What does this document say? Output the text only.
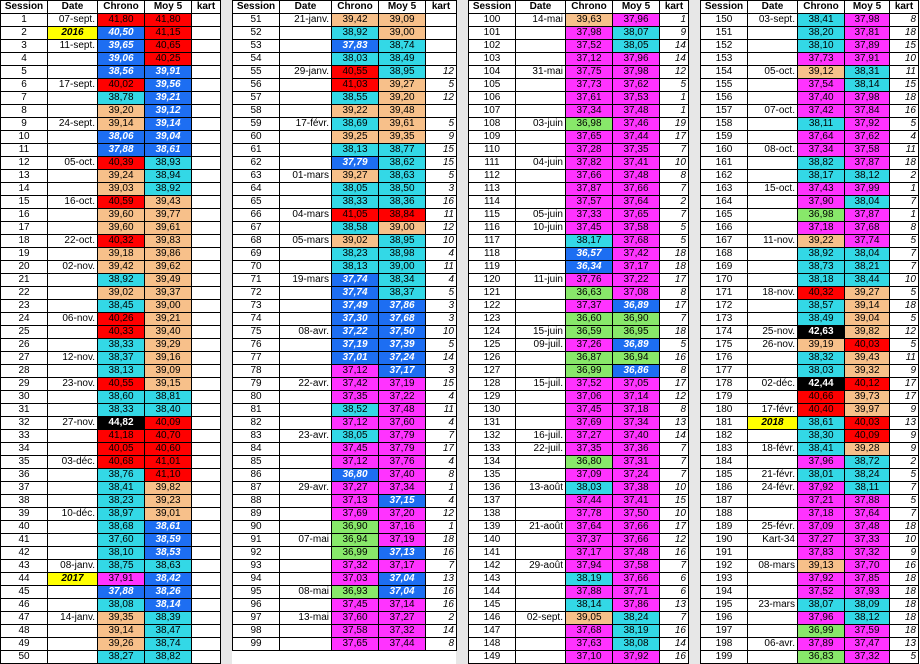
Session	Date	Chrono	Moy 5	kart
1	07-sept.	41,80	41,80	
2	2016	40,50	41,15	
3	11-sept.	39,65	40,65	
4		39,06	40,25	
5		38,56	39,91	
6	17-sept.	40,02	39,56	
7		38,78	39,21	
8		39,20	39,12	
9	24-sept.	39,14	39,14	
10		38,06	39,04	
11		37,88	38,61	
12	05-oct.	40,39	38,93	
13		39,24	38,94	
14		39,03	38,92	
15	16-oct.	40,59	39,43	
16		39,60	39,77	
17		39,60	39,61	
18	22-oct.	40,32	39,83	
19		39,18	39,86	
20	02-nov.	39,42	39,62	
21		38,92	39,49	
22		39,02	39,37	
23		38,45	39,00	
24	06-nov.	40,26	39,21	
25		40,33	39,40	
26		38,33	39,29	
27	12-nov.	38,37	39,16	
28		38,13	39,09	
29	23-nov.	40,55	39,15	
30		38,60	38,81	
31		38,33	38,40	
32	27-nov.	44,82	40,09	
33		41,18	40,70	
34		40,05	40,60	
35	03-déc.	40,68	41,01	
36		38,76	41,10	
37		38,41	39,82	
38		38,23	39,23	
39	10-déc.	38,97	39,01	
40		38,68	38,61	
41		37,60	38,59	
42		38,10	38,53	
43	08-janv.	38,75	38,63	
44	2017	37,91	38,42	
45		37,88	38,26	
46		38,08	38,14	
47	14-janv.	39,35	38,39	
48		39,14	38,47	
49		39,26	38,74	
50		38,27	38,82	
Session	Date	Chrono	Moy 5	kart
51	21-janv.	39,42	39,09	
52		38,92	39,00	
53		37,83	38,74	
54		38,03	38,49	
55	29-janv.	40,55	38,95	12
56		41,03	39,27	5
57		38,55	39,20	12
58		39,22	39,48	
59	17-févr.	38,69	39,61	5
60		39,25	39,35	9
61		38,13	38,77	15
62		37,79	38,62	15
63	01-mars	39,27	38,63	5
64		38,05	38,50	3
65		38,33	38,36	16
66	04-mars	41,05	38,84	11
67		38,58	39,00	12
68	05-mars	39,02	38,95	10
69		38,23	38,98	4
70		38,13	39,00	11
71	19-mars	37,74	38,34	4
72		37,74	38,37	5
73		37,49	37,86	3
74		37,30	37,68	3
75	08-avr.	37,22	37,50	10
76		37,19	37,39	5
77		37,01	37,24	14
78		37,12	37,17	3
79	22-avr.	37,42	37,19	15
80		37,35	37,22	4
81		38,52	37,48	11
82		37,12	37,60	4
83	23-avr.	38,05	37,79	7
84		37,45	37,79	17
85		37,12	37,76	4
86		36,80	37,40	8
87	29-avr.	37,27	37,34	1
88		37,13	37,15	4
89		37,69	37,20	12
90		36,90	37,16	1
91	07-mai	36,94	37,19	18
92		36,99	37,13	16
93		37,32	37,17	7
94		37,03	37,04	13
95	08-mai	36,93	37,04	16
96		37,45	37,14	16
97	13-mai	37,60	37,27	2
98		37,58	37,32	14
99		37,65	37,44	8
Session	Date	Chrono	Moy 5	kart
100	14-mai	39,63	37,96	1
101		37,98	38,07	9
102		37,52	38,05	14
103		37,12	37,96	14
104	31-mai	37,75	37,98	12
105		37,73	37,62	5
106		37,61	37,53	1
107		37,34	37,48	1
108	03-juin	36,98	37,46	19
109		37,65	37,44	17
110		37,28	37,35	7
111	04-juin	37,82	37,41	10
112		37,66	37,48	8
113		37,87	37,66	7
114		37,57	37,64	2
115	05-juin	37,33	37,65	7
116	10-juin	37,45	37,58	5
117		38,17	37,68	5
118		36,57	37,42	18
119		36,34	37,17	18
120	11-juin	37,76	37,22	17
121		36,63	37,08	8
122		37,37	36,89	17
123		36,60	36,90	7
124	15-juin	36,59	36,95	18
125	09-juil.	37,26	36,89	5
126		36,87	36,94	16
127		36,99	36,86	8
128	15-juil.	37,52	37,05	17
129		37,06	37,14	12
130		37,45	37,18	8
131		37,69	37,34	13
132	16-juil.	37,27	37,40	14
133	22-juil.	37,35	37,36	7
134		36,80	37,31	7
135		37,09	37,24	7
136	13-août	38,03	37,38	10
137		37,44	37,41	15
138		37,78	37,50	10
139	21-août	37,64	37,66	17
140		37,37	37,66	12
141		37,17	37,48	16
142	29-août	37,94	37,58	7
143		38,19	37,66	6
144		37,88	37,71	6
145		38,14	37,86	13
146	02-sept.	39,05	38,24	7
147		37,68	38,19	16
148		37,63	38,08	14
149		37,10	37,92	16
Session	Date	Chrono	Moy 5	kart
150	03-sept.	38,41	37,98	8
151		38,20	37,81	18
152		38,10	37,89	15
153		37,73	37,91	10
154	05-oct.	39,12	38,31	11
155		37,54	38,14	15
156		37,40	37,98	18
157	07-oct.	37,42	37,84	16
158		38,11	37,92	5
159		37,64	37,62	4
160	08-oct.	37,34	37,58	11
161		38,82	37,87	18
162		38,17	38,12	2
163	15-oct.	37,43	37,99	1
164		37,90	38,04	7
165		36,98	37,87	1
166		37,18	37,68	8
167	11-nov.	39,22	37,74	5
168		38,92	38,04	7
169		38,73	38,21	7
170		38,18	38,44	10
171	18-nov.	40,32	39,27	5
172		38,57	39,14	18
173		38,49	39,04	5
174	25-nov.	42,63	39,82	12
175	26-nov.	39,19	40,03	5
176		38,32	39,43	11
177		38,03	39,32	9
178	02-déc.	42,44	40,12	17
179		40,66	39,73	17
180	17-févr.	40,40	39,97	9
181	2018	38,61	40,03	13
182		38,30	40,09	9
183	18-févr.	38,41	39,28	9
184		37,96	38,72	2
185	21-févr.	38,01	38,24	5
186	24-févr.	37,92	38,11	7
187		37,21	37,88	5
188		37,18	37,64	7
189	25-févr.	37,09	37,48	18
190	Kart-34	37,27	37,33	10
191		37,83	37,32	9
192	08-mars	39,13	37,70	16
193		37,92	37,85	18
194		37,52	37,93	18
195	23-mars	38,07	38,09	18
196		37,96	38,12	18
197		36,99	37,59	18
198	06-avr.	37,89	37,47	13
199		36,83	37,32	5
